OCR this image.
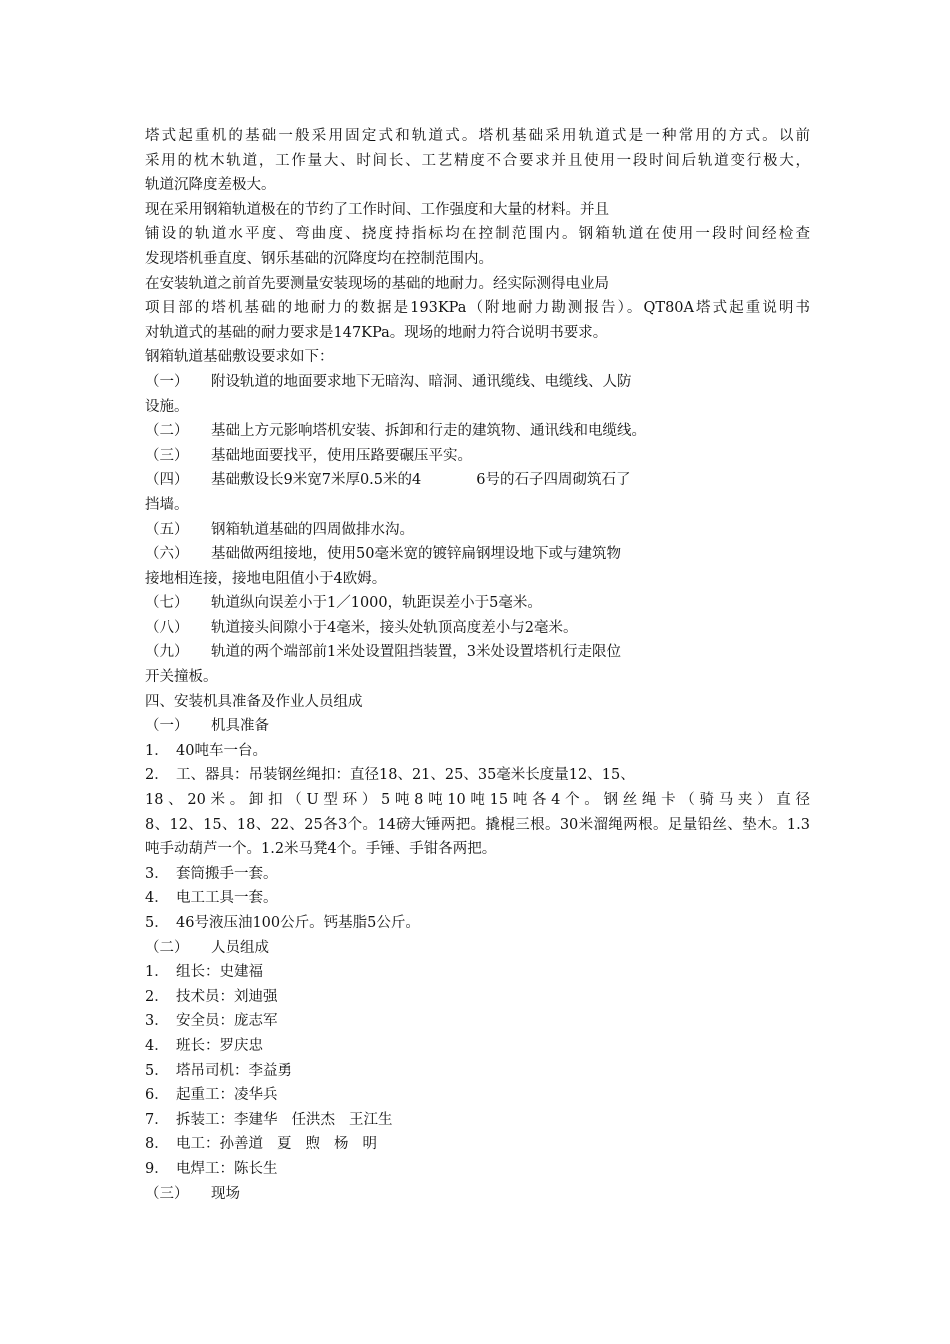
塔式起重机的基础一般采用固定式和轨道式。塔机基础采用轨道式是一种常用的方式。以前
采用的枕木轨道，工作量大、时间长、工艺精度不合要求并且使用一段时间后轨道变行极大，
轨道沉降度差极大。
现在采用钢箱轨道极在的节约了工作时间、工作强度和大量的材料。并且
铺设的轨道水平度、弯曲度、挠度持指标均在控制范围内。钢箱轨道在使用一段时间经检查
发现塔机垂直度、钢乐基础的沉降度均在控制范围内。
在安装轨道之前首先要测量安装现场的基础的地耐力。经实际测得电业局
项目部的塔机基础的地耐力的数据是193KPa（附地耐力勘测报告）。QT80A塔式起重说明书
对轨道式的基础的耐力要求是147KPa。现场的地耐力符合说明书要求。
钢箱轨道基础敷设要求如下：
（一） 附设轨道的地面要求地下无暗沟、暗洞、通讯缆线、电缆线、人防
设施。
（二） 基础上方元影响塔机安装、拆卸和行走的建筑物、通讯线和电缆线。
（三） 基础地面要找平，使用压路要碾压平实。
（四） 基础敷设长9米宽7米厚0.5米的4	6号的石子四周砌筑石了
挡墙。
（五） 钢箱轨道基础的四周做排水沟。
（六） 基础做两组接地，使用50毫米宽的镀锌扁钢埋设地下或与建筑物
接地相连接，接地电阻值小于4欧姆。
（七） 轨道纵向误差小于1／1000，轨距误差小于5毫米。
（八） 轨道接头间隙小于4毫米，接头处轨顶高度差小与2毫米。
（九） 轨道的两个端部前1米处设置阻挡装置，3米处设置塔机行走限位
开关撞板。
四、安装机具准备及作业人员组成
（一） 机具准备
1． 40吨车一台。
2． 工、器具：吊装钢丝绳扣：直径18、21、25、35毫米长度量12、15、
18、20米。卸扣（U型环）5吨8吨10吨15吨各4个。钢丝绳卡（骑马夹）直径
8、12、15、18、22、25各3个。14磅大锤两把。撬棍三根。30米溜绳两根。足量铅丝、垫木。1.3
吨手动葫芦一个。1.2米马凳4个。手锤、手钳各两把。
3． 套筒搬手一套。
4． 电工工具一套。
5． 46号液压油100公斤。钙基脂5公斤。
（二） 人员组成
1． 组长：史建福
2． 技术员：刘迪强
3． 安全员：庞志军
4． 班长：罗庆忠
5． 塔吊司机：李益勇
6． 起重工：凌华兵
7． 拆装工：李建华 任洪杰 王江生
8． 电工：孙善道 夏 煦 杨 明
9． 电焊工：陈长生
（三） 现场
